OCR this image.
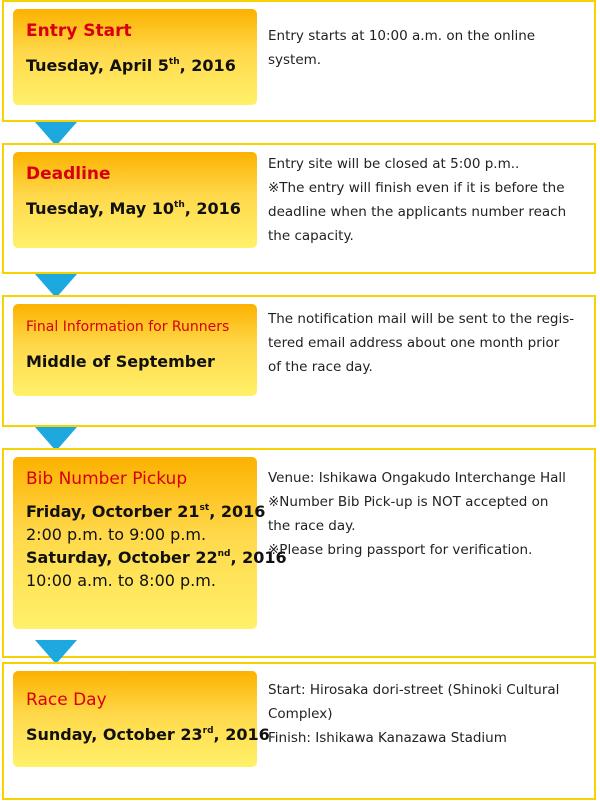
Entry Start
Tuesday, April 5th, 2016
Entry starts at 10:00 a.m. on the online
system.
Deadline
Tuesday, May 10th, 2016
Entry site will be closed at 5:00 p.m..
※The entry will finish even if it is before the
deadline when the applicants number reach
the capacity.
Final Information for Runners
Middle of September
The notification mail will be sent to the regis-
tered email address about one month prior
of the race day.
Bib Number Pickup
Friday, Octorber 21st, 2016
2:00 p.m. to 9:00 p.m.
Saturday, October 22nd, 2016
10:00 a.m. to 8:00 p.m.
Venue: Ishikawa Ongakudo Interchange Hall
※Number Bib Pick-up is NOT accepted on
the race day.
※Please bring passport for verification.
Race Day
Sunday, October 23rd, 2016
Start: Hirosaka dori-street (Shinoki Cultural
Complex)
Finish: Ishikawa Kanazawa Stadium
